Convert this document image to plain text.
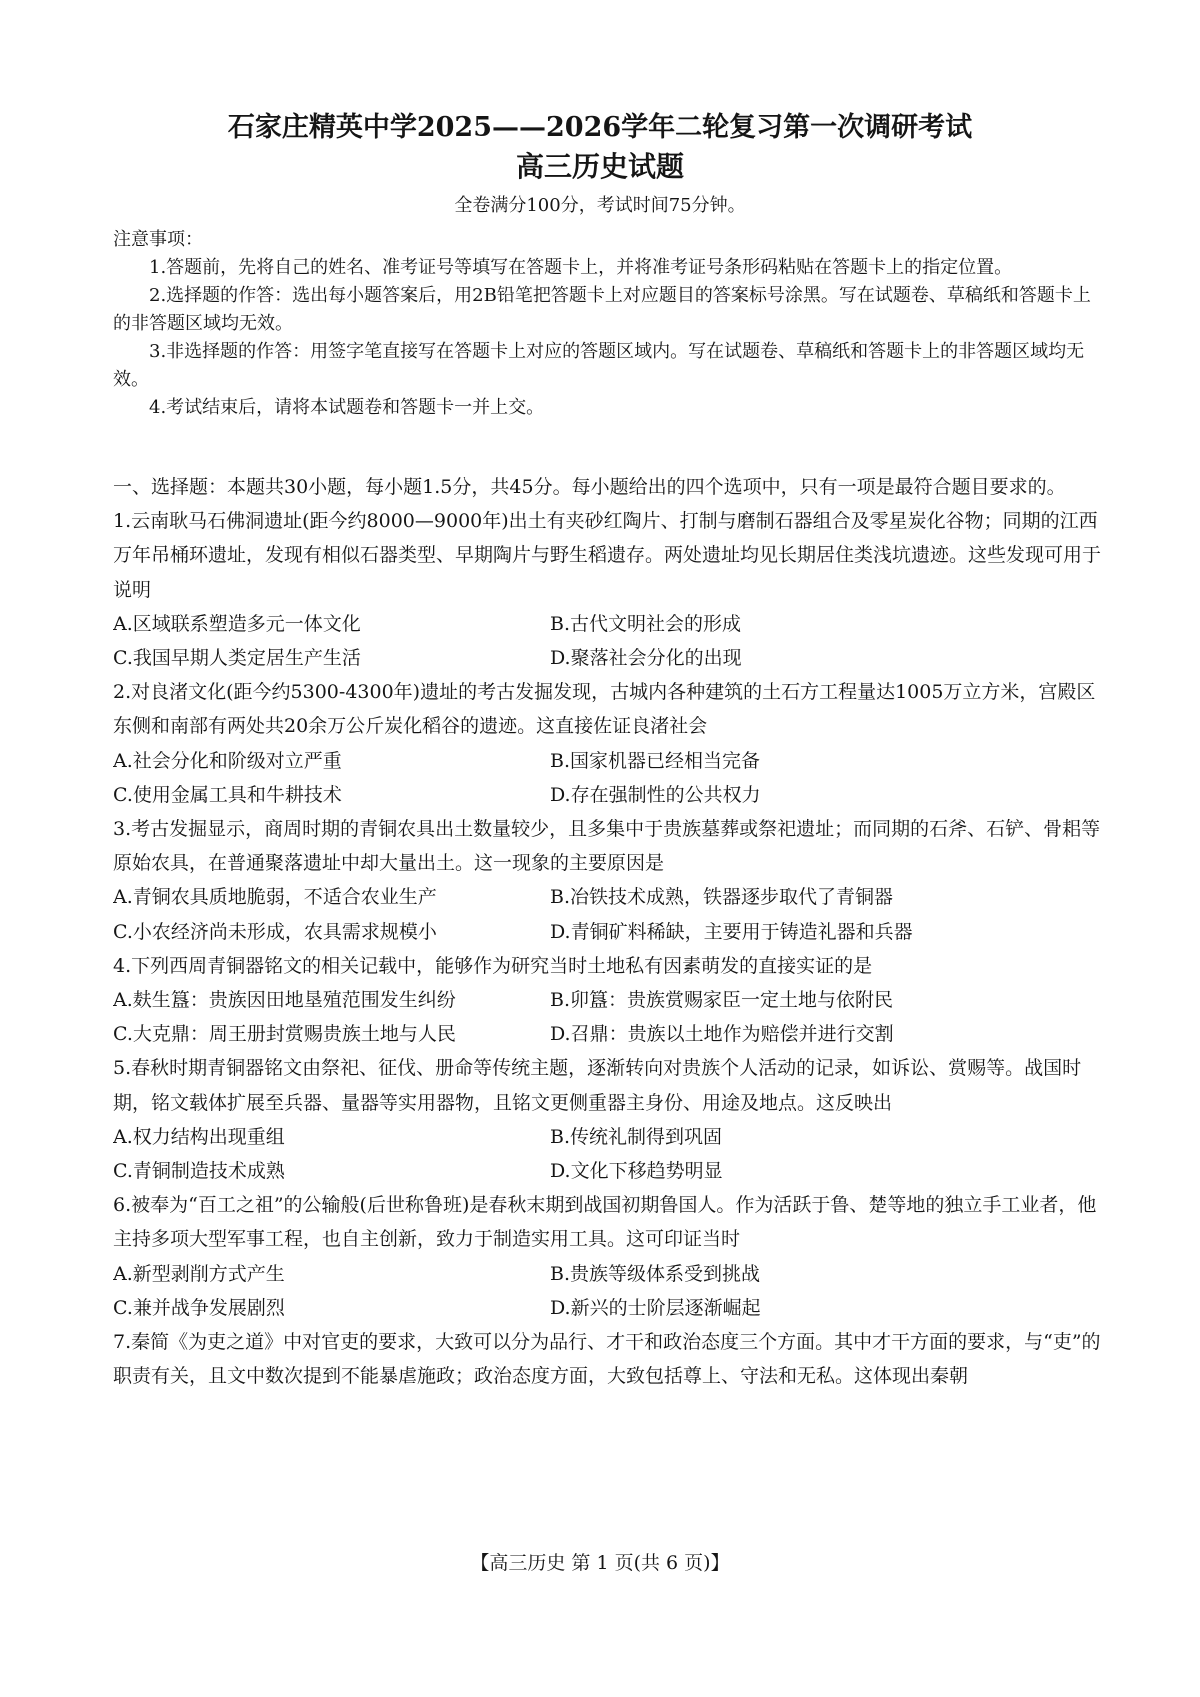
石家庄精英中学2025——2026学年二轮复习第一次调研考试
高三历史试题
全卷满分100分，考试时间75分钟。
注意事项：
1.答题前，先将自己的姓名、准考证号等填写在答题卡上，并将准考证号条形码粘贴在答题卡上的指定位置。
2.选择题的作答：选出每小题答案后，用2B铅笔把答题卡上对应题目的答案标号涂黑。写在试题卷、草稿纸和答题卡上的非答题区域均无效。
3.非选择题的作答：用签字笔直接写在答题卡上对应的答题区域内。写在试题卷、草稿纸和答题卡上的非答题区域均无效。
4.考试结束后，请将本试题卷和答题卡一并上交。

一、选择题：本题共30小题，每小题1.5分，共45分。每小题给出的四个选项中，只有一项是最符合题目要求的。

1.云南耿马石佛洞遗址(距今约8000—9000年)出土有夹砂红陶片、打制与磨制石器组合及零星炭化谷物；同期的江西万年吊桶环遗址，发现有相似石器类型、早期陶片与野生稻遗存。两处遗址均见长期居住类浅坑遗迹。这些发现可用于说明

A.区域联系塑造多元一体文化	B.古代文明社会的形成
C.我国早期人类定居生产生活	D.聚落社会分化的出现

2.对良渚文化(距今约5300-4300年)遗址的考古发掘发现，古城内各种建筑的土石方工程量达1005万立方米，宫殿区东侧和南部有两处共20余万公斤炭化稻谷的遗迹。这直接佐证良渚社会

A.社会分化和阶级对立严重	B.国家机器已经相当完备
C.使用金属工具和牛耕技术	D.存在强制性的公共权力

3.考古发掘显示，商周时期的青铜农具出土数量较少，且多集中于贵族墓葬或祭祀遗址；而同期的石斧、石铲、骨耜等原始农具，在普通聚落遗址中却大量出土。这一现象的主要原因是

A.青铜农具质地脆弱，不适合农业生产	B.冶铁技术成熟，铁器逐步取代了青铜器
C.小农经济尚未形成，农具需求规模小	D.青铜矿料稀缺，主要用于铸造礼器和兵器

4.下列西周青铜器铭文的相关记载中，能够作为研究当时土地私有因素萌发的直接实证的是

A.麸生簋：贵族因田地垦殖范围发生纠纷	B.卯簋：贵族赏赐家臣一定土地与依附民
C.大克鼎：周王册封赏赐贵族土地与人民	D.召鼎：贵族以土地作为赔偿并进行交割

5.春秋时期青铜器铭文由祭祀、征伐、册命等传统主题，逐渐转向对贵族个人活动的记录，如诉讼、赏赐等。战国时期，铭文载体扩展至兵器、量器等实用器物，且铭文更侧重器主身份、用途及地点。这反映出

A.权力结构出现重组	B.传统礼制得到巩固
C.青铜制造技术成熟	D.文化下移趋势明显

6.被奉为“百工之祖”的公输般(后世称鲁班)是春秋末期到战国初期鲁国人。作为活跃于鲁、楚等地的独立手工业者，他主持多项大型军事工程，也自主创新，致力于制造实用工具。这可印证当时

A.新型剥削方式产生	B.贵族等级体系受到挑战
C.兼并战争发展剧烈	D.新兴的士阶层逐渐崛起

7.秦简《为吏之道》中对官吏的要求，大致可以分为品行、才干和政治态度三个方面。其中才干方面的要求，与“吏”的职责有关，且文中数次提到不能暴虐施政；政治态度方面，大致包括尊上、守法和无私。这体现出秦朝

【高三历史 第 1 页(共 6 页)】
